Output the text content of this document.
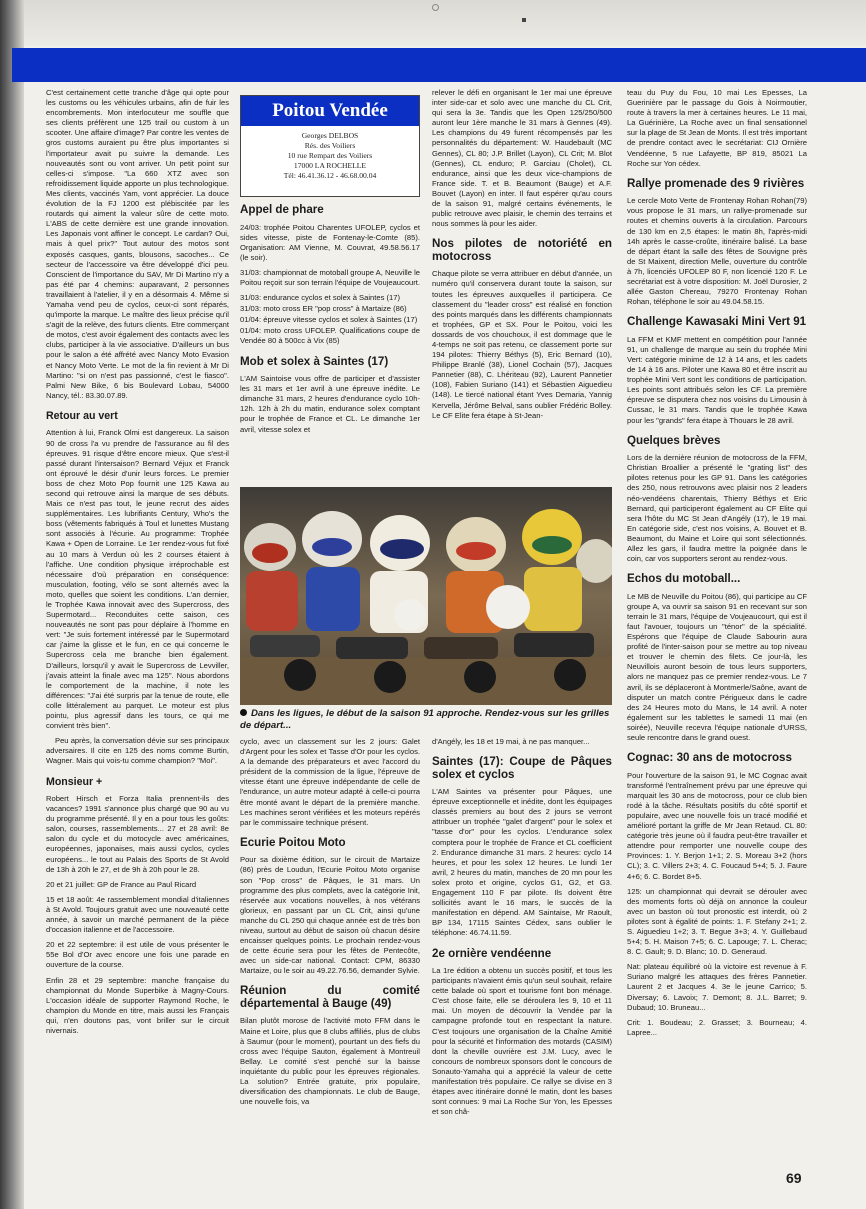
C'est certainement cette tranche d'âge qui opte pour les customs ou les véhicules urbains, afin de fuir les encombrements. Mon interlocuteur me souffle que ses clients préfèrent une 125 trail ou custom à un scooter. Une affaire d'image? Par contre les ventes de gros customs auraient pu être plus importantes si l'importateur avait pu suivre la demande. Les nouveautés sont ou vont arriver. Un petit point sur celles-ci s'impose. "La 660 XTZ avec son refroidissement liquide apporte un plus technologique. Mes clients, vaccinés Yam, vont apprécier. La douce évolution de la FJ 1200 est plébiscitée par les routards qui aiment la valeur sûre de cette moto. L'ABS de cette dernière est une grande innovation. Les Japonais vont affiner le concept. Le cardan? Oui, mais à quel prix?" Tout autour des motos sont exposés casques, gants, blousons, sacoches... Ce secteur de l'accessoire va être développé d'ici peu. Conscient de l'importance du SAV, Mr Di Martino n'y a pas été par 4 chemins: auparavant, 2 personnes travaillaient à l'atelier, il y en a désormais 4. Même si Yamaha vend peu de cyclos, ceux-ci sont réparés, qu'importe la marque. Le maître des lieux précise qu'il s'agit de la relève, des futurs clients. Etre commerçant de motos, c'est avoir également des contacts avec les clubs, participer à la vie associative. D'ailleurs un bus pour le salon a été affrété avec Nancy Moto Evasion et Nancy Moto Verte. Le mot de la fin revient à Mr Di Martino: "si on n'est pas passionné, c'est le fiasco". Palmi New Bike, 6 bis Boulevard Lobau, 54000 Nancy, tél.: 83.30.07.89.

Retour au vert

Attention à lui, Franck Olmi est dangereux. La saison 90 de cross l'a vu prendre de l'assurance au fil des épreuves. 91 risque d'être encore mieux. Que s'est-il passé durant l'intersaison? Bernard Véjux et Franck ont éprouvé le désir d'unir leurs forces. Le premier boss de chez Moto Pop fournit une 125 Kawa au second qui retrouve ainsi la marque de ses débuts. Mais ce n'est pas tout, le jeune recrut des aides supplémentaires. Les lubrifiants Century, Who's the boss (vêtements fabriqués à Toul et lunettes Mustang sont associés à l'écurie. Au programme: Trophée Kawa + Open de Lorraine. Le 1er rendez-vous fut fixé au 10 mars à Verdun où les 2 courses étaient à l'affiche. Une condition physique irréprochable est nécessaire d'où préparation en conséquence: musculation, footing, vélo se sont alternés avec la moto, quelles que soient les conditions. L'an dernier, le Trophée Kawa innovait avec des Supercross, des Supermotard... Reconduites cette saison, ces nouveautés ne sont pas pour déplaire à l'homme en vert: "Je suis fortement intéressé par le Supermotard car j'aime la glisse et le fun, en ce qui concerne le Supercross cela me branche bien également. D'ailleurs, lorsqu'il y avait le Supercross de Levviller, j'avais atteint la finale avec ma 125". Nous abordons le comportement de la machine, il note les différences: "J'ai été surpris par la tenue de route, elle colle littéralement au parquet. Le moteur est plus pointu, plus agressif dans les tours, ce qui me convient très bien".

Peu après, la conversation dévie sur ses principaux adversaires. Il cite en 125 des noms comme Burtin, Wagner. Mais qui vois-tu comme champion? "Moi".

Monsieur +

Robert Hirsch et Forza Italia prennent-ils des vacances? 1991 s'annonce plus chargé que 90 au vu du programme présenté. Il y en a pour tous les goûts: salon, courses, rassemblements... 27 et 28 avril: 8e salon du cycle et du motocycle avec américaines, européennes, japonaises, mais aussi cyclos, cycles européens... le tout au Palais des Sports de St Avold de 13h à 20h le 27, et de 9h à 20h pour le 28.

20 et 21 juillet: GP de France au Paul Ricard

15 et 18 août: 4e rassemblement mondial d'italiennes à St Avold. Toujours gratuit avec une nouveauté cette année, à savoir un marché permanent de la pièce d'occasion italienne et de l'accessoire.

20 et 22 septembre: il est utile de vous présenter le 55e Bol d'Or avec encore une fois une parade en ouverture de la course.

Enfin 28 et 29 septembre: manche française du championnat du Monde Superbike à Magny-Cours. L'occasion idéale de supporter Raymond Roche, le champion du Monde en titre, mais aussi les Français qui, n'en doutons pas, vont briller sur le circuit nivernais.

Poitou Vendée
Georges DELBOS
Rés. des Voiliers
10 rue Rempart des Voiliers
17000 LA ROCHELLE
Tél: 46.41.36.12 - 46.68.00.04
Appel de phare

24/03: trophée Poitou Charentes UFOLEP, cyclos et sides vitesse, piste de Fontenay-le-Comte (85). Organisation: AM Vienne, M. Couvrat, 49.58.56.17 (le soir).

31/03: championnat de motoball groupe A, Neuville le Poitou reçoit sur son terrain l'équipe de Voujeaucourt.

31/03: endurance cyclos et solex à Saintes (17)

31/03: moto cross ER "pop cross" à Martaize (86)

01/04: épreuve vitesse cyclos et solex à Saintes (17)

01/04: moto cross UFOLEP. Qualifications coupe de Vendée 80 à 500cc à Vix (85)

Mob et solex à Saintes (17)

L'AM Saintoise vous offre de participer et d'assister les 31 mars et 1er avril à une épreuve inédite. Le dimanche 31 mars, 2 heures d'endurance cyclo 10h-12h. 12h à 2h du matin, endurance solex comptant pour le trophée de France et CL. Le dimanche 1er avril, vitesse solex et

relever le défi en organisant le 1er mai une épreuve inter side-car et solo avec une manche du CL Crit, qui sera la 3e. Tandis que les Open 125/250/500 auront leur 1ère manche le 31 mars à Gennes (49). Les champions du 49 furent récompensés par les personnalités du département: W. Haudebault (MC Gennes), CL 80; J.P. Brillet (Layon), CL Crit; M. Blot (Gennes), CL enduro; P. Garciau (Cholet), CL endurance, ainsi que les deux vice-champions de France side. T. et B. Beaumont (Bauge) et A.F. Bouvet (Layon) en inter. Il faut espérer qu'au cours de la saison 91, malgré certains événements, le public retrouve avec plaisir, le chemin des terrains et nous sommes là pour les aider.

Nos pilotes de notoriété en motocross

Chaque pilote se verra attribuer en début d'année, un numéro qu'il conservera durant toute la saison, sur toutes les épreuves auxquelles il participera. Ce classement du "leader cross" est réalisé en fonction des points marqués dans les différents championnats et trophées, GP et SX. Pour le Poitou, voici les dossards de vos chouchoux, il est dommage que le 4-temps ne soit pas retenu, ce classement porte sur 194 pilotes: Thierry Béthys (5), Eric Bernard (10), Philippe Branlé (38), Lionel Cochain (57), Jacques Pannetier (88), C. Lhériteau (92), Laurent Pannetier (108), Fabien Suriano (141) et Sébastien Aiguedieu (148). Le tiercé national étant Yves Demaria, Yannig Kervella, Jérôme Belval, sans oublier Frédéric Bolley. Le CF Elite fera étape à St-Jean-

Dans les ligues, le début de la saison 91 approche. Rendez-vous sur les grilles de départ...

cyclo, avec un classement sur les 2 jours: Galet d'Argent pour les solex et Tasse d'Or pour les cyclos. A la demande des préparateurs et avec l'accord du président de la commission de la ligue, l'épreuve de vitesse étant une épreuve indépendante de celle de l'endurance, un autre moteur adapté à celle-ci pourra être monté avant le départ de la première manche. Les machines seront vérifiées et les moteurs repérés par le commissaire technique présent.

Ecurie Poitou Moto

Pour sa dixième édition, sur le circuit de Martaize (86) près de Loudun, l'Ecurie Poitou Moto organise son "Pop cross" de Pâques, le 31 mars. Un programme des plus complets, avec la catégorie Init, réservée aux vocations nouvelles, à nos vétérans glorieux, en passant par un CL Crit, ainsi qu'une manche du CL 250 qui chaque année est de très bon niveau, surtout au début de saison où chacun désire encaisser quelques points. Le prochain rendez-vous de cette écurie sera pour les fêtes de Pentecôte, avec un side-car national. Contact: CPM, 86330 Martaize, ou le soir au 49.22.76.56, demander Sylvie.

Réunion du comité départemental à Bauge (49)

Bilan plutôt morose de l'activité moto FFM dans le Maine et Loire, plus que 8 clubs affiliés, plus de clubs à Saumur (pour le moment), pourtant un des fiefs du cross avec l'équipe Sauton, également à Montreuil Bellay. Le comité s'est penché sur la baisse inquiétante du public pour les épreuves régionales. La solution? Entrée gratuite, prix populaire, diversification des championnats. Le club de Bauge, une nouvelle fois, va

d'Angély, les 18 et 19 mai, à ne pas manquer...

Saintes (17): Coupe de Pâques solex et cyclos

L'AM Saintes va présenter pour Pâques, une épreuve exceptionnelle et inédite, dont les équipages classés premiers au bout des 2 jours se verront attribuer un trophée "galet d'argent" pour le solex et "tasse d'or" pour les cyclos. L'endurance solex comptera pour le trophée de France et CL coefficient 2. Endurance dimanche 31 mars. 2 heures: cyclo 14 heures, et pour les solex 12 heures. Le lundi 1er avril, 2 heures du matin, manches de 20 mn pour les solex proto et origine, cyclos G1, G2, et G3. Engagement 110 F par pilote. Ils doivent être sollicités avant le 16 mars, le succès de la manifestation en dépend. AM Saintaise, Mr Raoult, BP 134, 17115 Saintes Cédex, sans oublier le téléphone: 46.74.11.59.

2e ornière vendéenne

La 1re édition a obtenu un succès positif, et tous les participants n'avaient émis qu'un seul souhait, refaire cette balade où sport et tourisme font bon ménage. C'est chose faite, elle se déroulera les 9, 10 et 11 mai. Un moyen de découvrir la Vendée par la campagne profonde tout en respectant la nature. C'est toujours une organisation de la Chaîne Amitié pour la sécurité et l'information des motards (CASIM) dont la cheville ouvrière est J.M. Lucy, avec le concours de nombreux sponsors dont le concours de Sonauto-Yamaha qui a apprécié la valeur de cette manifestation très populaire. Ce rallye se divise en 3 étapes avec itinéraire donné le matin, dont les bases sont connues: 9 mai La Roche Sur Yon, les Epesses et son châ-

teau du Puy du Fou, 10 mai Les Epesses, La Guerinière par le passage du Gois à Noirmoutier, route à travers la mer à certaines heures. Le 11 mai, La Guérinière, La Roche avec un final sensationnel sur la plage de St Jean de Monts. Il est très important de prendre contact avec le secrétariat: CIJ Ornière Vendéenne, 5 rue Lafayette, BP 819, 85021 La Roche sur Yon cédex.

Rallye promenade des 9 rivières

Le cercle Moto Verte de Frontenay Rohan Rohan(79) vous propose le 31 mars, un rallye-promenade sur routes et chemins ouverts à la circulation. Parcours de 130 km en 2,5 étapes: le matin 8h, l'après-midi 14h après le casse-croûte, itinéraire balisé. La base de départ étant la salle des fêtes de Souvigne près de St Maixent, direction Melle, ouverture du contrôle à 7h, licenciés UFOLEP 80 F, non licencié 120 F. Le secrétariat est à votre disposition: M. Joël Durosier, 2 allée Gaston Chereau, 79270 Frontenay Rohan Rohan, téléphone le soir au 49.04.58.15.

Challenge Kawasaki Mini Vert 91

La FFM et KMF mettent en compétition pour l'année 91, un challenge de marque au sein du trophée Mini Vert: catégorie minime de 12 à 14 ans, et les cadets de 14 à 16 ans. Piloter une Kawa 80 et être inscrit au trophée Mini Vert sont les conditions de participation. Les points sont attribués selon les CF. La première épreuve se disputera chez nos voisins du Limousin à Cussac, le 31 mars. Tandis que le trophée Kawa pour les "grands" fera étape à Thouars le 28 avril.

Quelques brèves

Lors de la dernière réunion de motocross de la FFM, Christian Broallier a présenté le "grating list" des pilotes retenus pour les GP 91. Dans les catégories des 250, nous retrouvons avec plaisir nos 2 leaders néo-vendéens charentais, Thierry Béthys et Eric Bernard, qui participeront également au CF Elite qui sera l'hôte du MC St Jean d'Angély (17), le 19 mai. En catégorie side, c'est nos voisins, A. Bouvet et B. Beaumont, du Maine et Loire qui sont sélectionnés. Allez les gars, il faudra mettre la poignée dans le coin, car vos supporters seront au rendez-vous.

Echos du motoball...

Le MB de Neuville du Poitou (86), qui participe au CF groupe A, va ouvrir sa saison 91 en recevant sur son terrain le 31 mars, l'équipe de Voujeaucourt, qui est il faut l'avouer, toujours un "ténor" de la spécialité. Espérons que l'équipe de Claude Sabourin aura profité de l'inter-saison pour se mettre au top niveau et trouver le chemin des filets. Ce jour-là, les Neuvillois auront besoin de tous leurs supporters, alors ne manquez pas ce premier rendez-vous. Le 7 avril, ils se déplaceront à Montmerle/Saône, avant de disputer un match contre Périgueux dans le cadre des 24 Heures moto du Mans, le 14 avril. A noter également sur les tablettes le samedi 11 mai (en soirée), Neuville recevra l'équipe nationale d'URSS, seule rencontre dans le grand ouest.

Cognac: 30 ans de motocross

Pour l'ouverture de la saison 91, le MC Cognac avait transformé l'entraînement prévu par une épreuve qui marquait les 30 ans de motocross, pour ce club bien rodé à la tâche. Résultats positifs du côté sportif et populaire, avec une nouvelle fois un tracé modifié et amélioré portant la griffe de Mr Jean Retaud. CL 80: catégorie très jeune où il faudra peut-être travailler et attendre pour remporter une nouvelle coupe des Provinces: 1. Y. Berjon 1+1; 2. S. Moreau 3+2 (hors CL); 3. C. Villers 2+3; 4. C. Foucaud 5+4; 5. J. Faure 4+6; 6. C. Bordet 8+5.

125: un championnat qui devrait se dérouler avec des moments forts où déjà on annonce la couleur avec un baston où tout pronostic est interdit, où 2 pilotes sont à égalité de points: 1. F. Stefany 2+1; 2. S. Aiguedieu 1+2; 3. T. Begue 3+3; 4. Y. Guillebaud 5+4; 5. H. Maison 7+5; 6. C. Lapouge; 7. L. Cherac; 8. C. Gault; 9. D. Blanc; 10. D. Generaud.

Nat: plateau équilibré où la victoire est revenue à F. Suriano malgré les attaques des frères Pannetier. Laurent 2 et Jacques 4. 3e le jeune Carrico; 5. Diversay; 6. Lavoix; 7. Demont; 8. J.L. Barret; 9. Dubaud; 10. Bruneau...

Crit: 1. Boudeau; 2. Grasset; 3. Bourneau; 4. Lapree...

69
